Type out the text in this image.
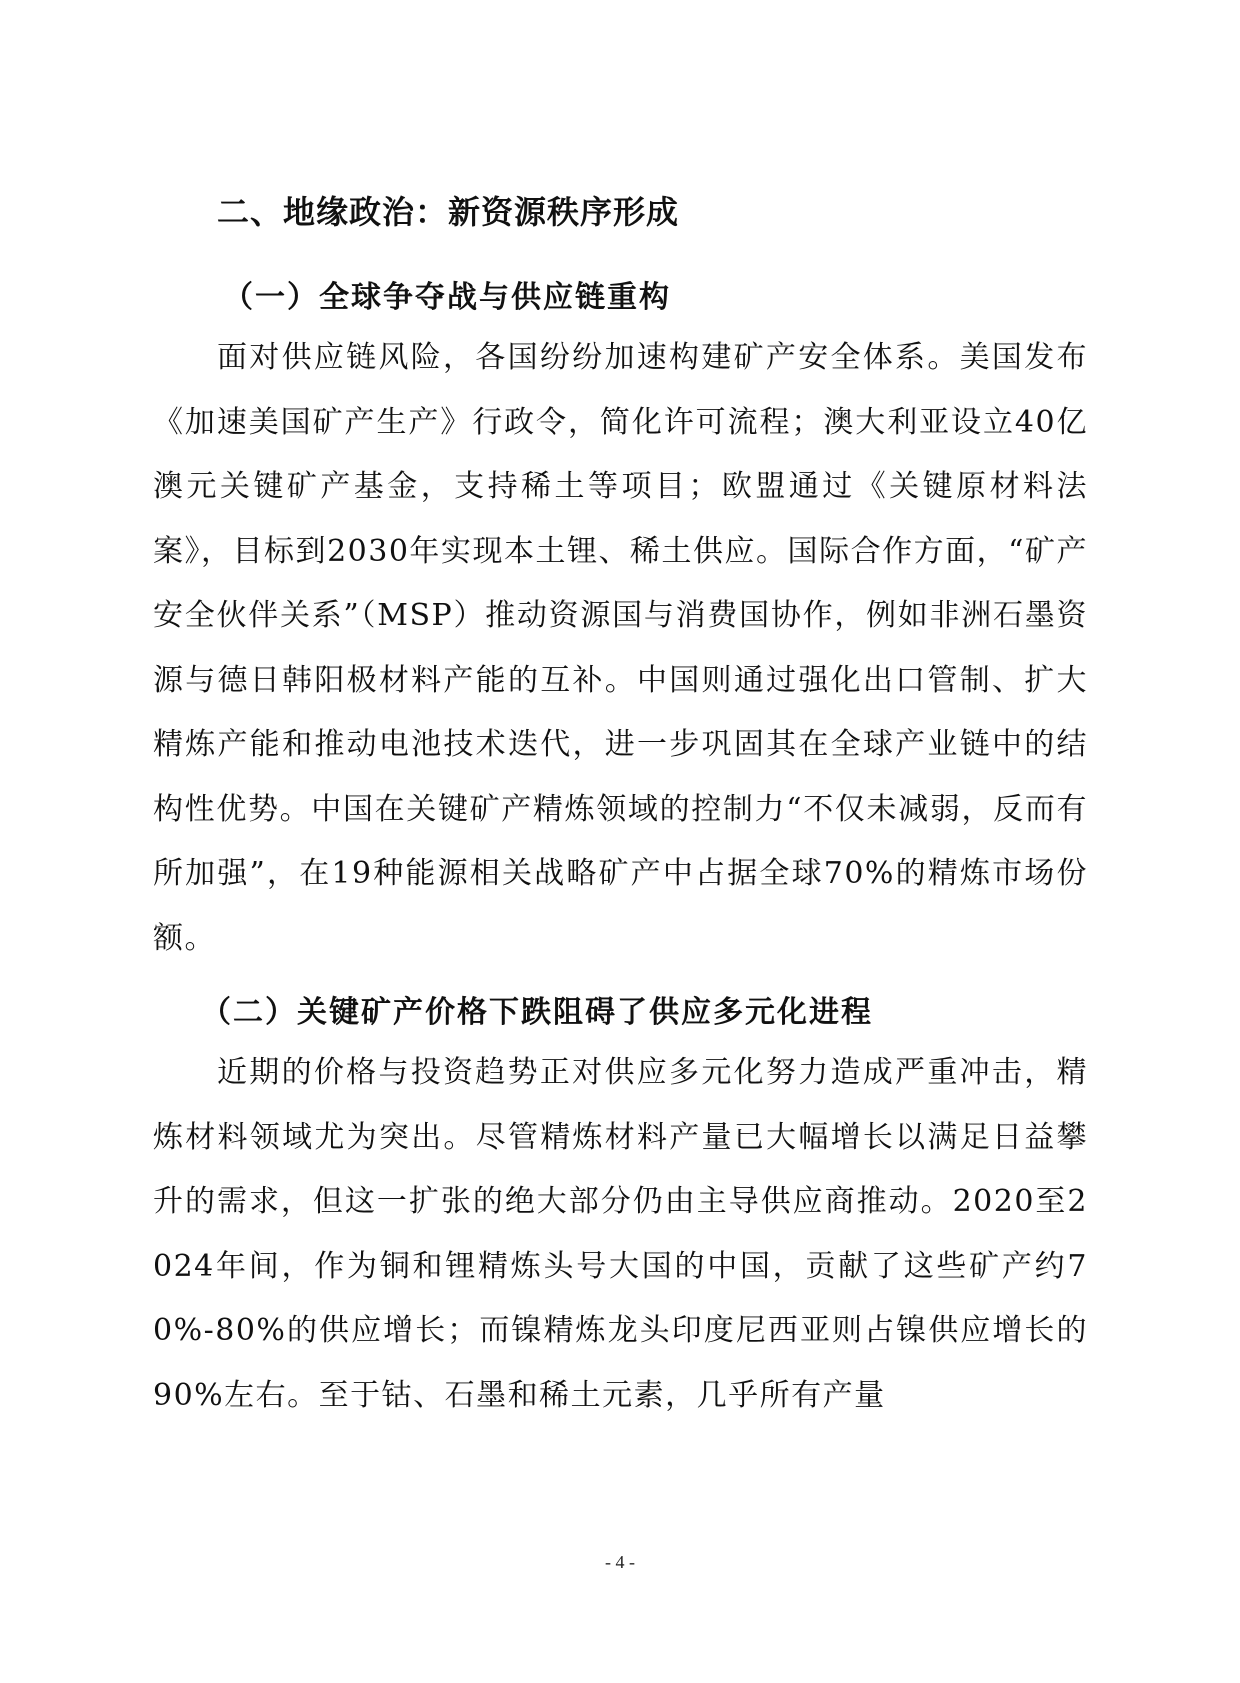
二、地缘政治：新资源秩序形成
（一）全球争夺战与供应链重构

面对供应链风险，各国纷纷加速构建矿产安全体系。美国发布《加速美国矿产生产》行政令，简化许可流程；澳大利亚设立40亿澳元关键矿产基金，支持稀土等项目；欧盟通过《关键原材料法案》，目标到2030年实现本土锂、稀土供应。国际合作方面，“矿产安全伙伴关系”（MSP）推动资源国与消费国协作，例如非洲石墨资源与德日韩阳极材料产能的互补。中国则通过强化出口管制、扩大精炼产能和推动电池技术迭代，进一步巩固其在全球产业链中的结构性优势。中国在关键矿产精炼领域的控制力“不仅未减弱，反而有所加强”，在19种能源相关战略矿产中占据全球70%的精炼市场份额。

（二）关键矿产价格下跌阻碍了供应多元化进程

近期的价格与投资趋势正对供应多元化努力造成严重冲击，精炼材料领域尤为突出。尽管精炼材料产量已大幅增长以满足日益攀升的需求，但这一扩张的绝大部分仍由主导供应商推动。2020至2024年间，作为铜和锂精炼头号大国的中国，贡献了这些矿产约70%-80%的供应增长；而镍精炼龙头印度尼西亚则占镍供应增长的90%左右。至于钴、石墨和稀土元素，几乎所有产量

- 4 -
